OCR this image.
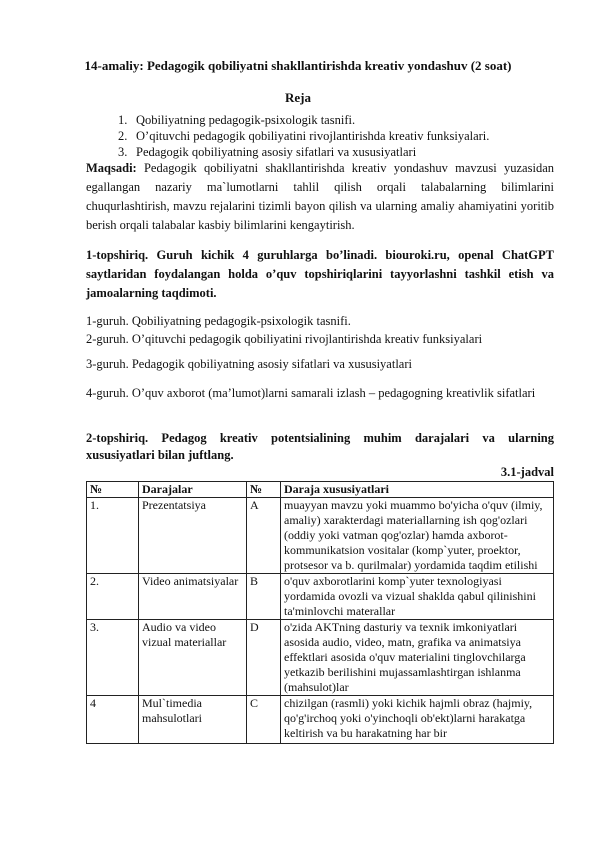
14-amaliy: Pedagogik qobiliyatni shakllantirishda kreativ yondashuv (2 soat)
Reja
1. Qobiliyatning pedagogik-psixologik tasnifi.
2. O’qituvchi pedagogik qobiliyatini rivojlantirishda kreativ funksiyalari.
3. Pedagogik qobiliyatning asosiy sifatlari va xususiyatlari
Maqsadi: Pedagogik qobiliyatni shakllantirishda kreativ yondashuv mavzusi yuzasidan egallangan nazariy ma`lumotlarni tahlil qilish orqali talabalarning bilimlarini chuqurlashtirish, mavzu rejalarini tizimli bayon qilish va ularning amaliy ahamiyatini yoritib berish orqali talabalar kasbiy bilimlarini kengaytirish.
1-topshiriq. Guruh kichik 4 guruhlarga bo’linadi. biouroki.ru, openal ChatGPT saytlaridan foydalangan holda o’quv topshiriqlarini tayyorlashni tashkil etish va jamoalarning taqdimoti.
1-guruh. Qobiliyatning pedagogik-psixologik tasnifi.
2-guruh. O’qituvchi pedagogik qobiliyatini rivojlantirishda kreativ funksiyalari
3-guruh. Pedagogik qobiliyatning asosiy sifatlari va xususiyatlari
4-guruh. O’quv axborot (ma’lumot)larni samarali izlash – pedagogning kreativlik sifatlari
2-topshiriq. Pedagog kreativ potentsialining muhim darajalari va ularning xususiyatlari bilan juftlang.
3.1-jadval
№	Darajalar	№	Daraja xususiyatlari
1.	Prezentatsiya	A	muayyan mavzu yoki muammo bo'yicha o'quv (ilmiy, amaliy) xarakterdagi materiallarning ish qog'ozlari (oddiy yoki vatman qog'ozlar) hamda axborot-kommunikatsion vositalar (komp`yuter, proektor, protsesor va b. qurilmalar) yordamida taqdim etilishi
2.	Video animatsiyalar	B	o'quv axborotlarini komp`yuter texnologiyasi yordamida ovozli va vizual shaklda qabul qilinishini ta'minlovchi materallar
3.	Audio va video vizual materiallar	D	o'zida AKTning dasturiy va texnik imkoniyatlari asosida audio, video, matn, grafika va animatsiya effektlari asosida o'quv materialini tinglovchilarga yetkazib berilishini mujassamlashtirgan ishlanma (mahsulot)lar
4	Mul`timedia mahsulotlari	C	chizilgan (rasmli) yoki kichik hajmli obraz (hajmiy, qo'g'irchoq yoki o'yinchoqli ob'ekt)larni harakatga keltirish va bu harakatning har bir
